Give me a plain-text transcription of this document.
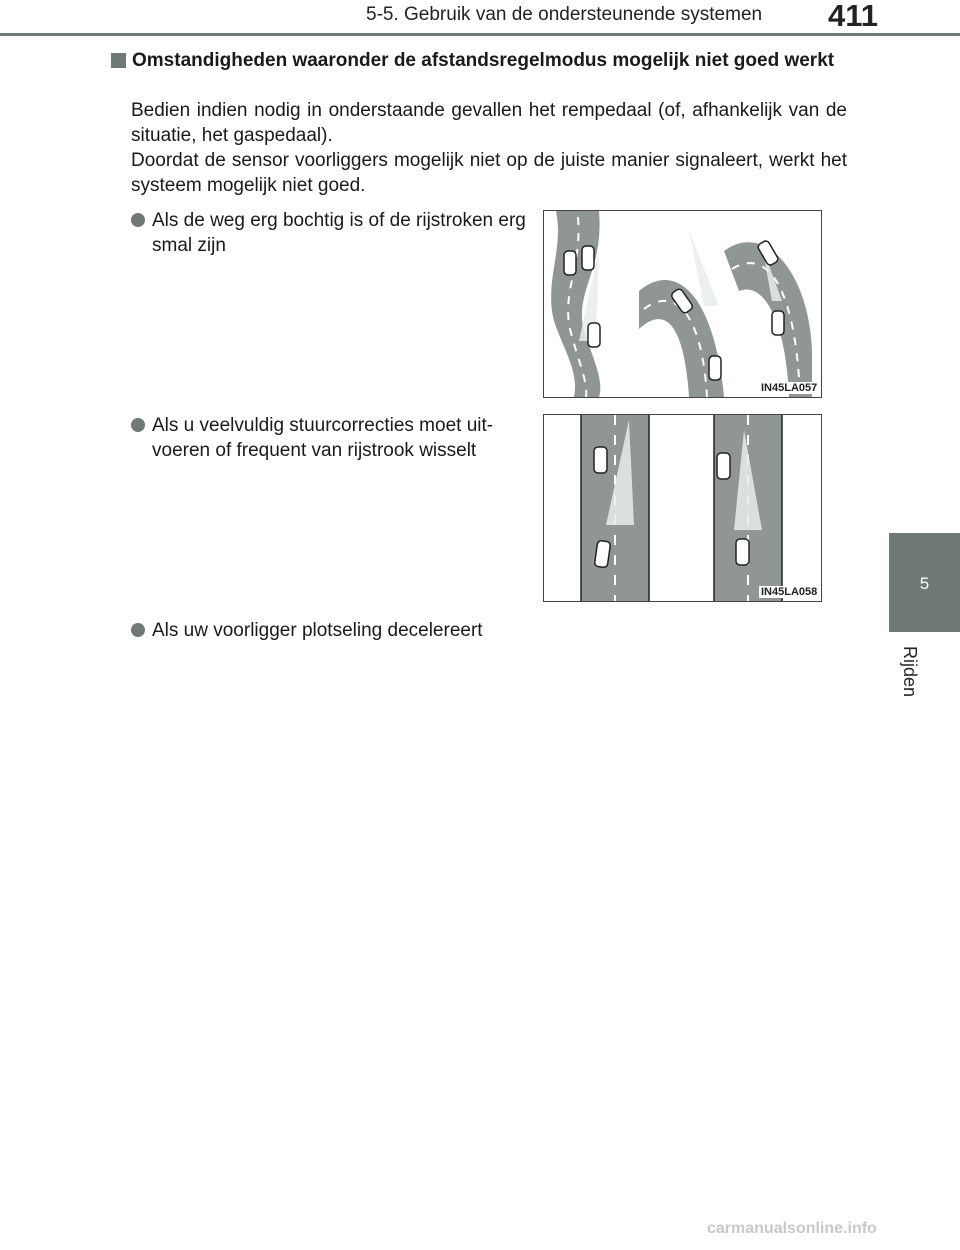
5-5. Gebruik van de ondersteunende systemen 411
5
Rijden
Omstandigheden waaronder de afstandsregelmodus mogelijk niet goed werkt

Bedien indien nodig in onderstaande gevallen het rempedaal (of, afhankelijk van de situatie, het gaspedaal).

Doordat de sensor voorliggers mogelijk niet op de juiste manier signaleert, werkt het systeem mogelijk niet goed.

Als de weg erg bochtig is of de rijstroken erg smal zijn
IN45LA057
Als u veelvuldig stuurcorrecties moet uit-voeren of frequent van rijstrook wisselt
IN45LA058
Als uw voorligger plotseling decelereert
carmanualsonline.info
